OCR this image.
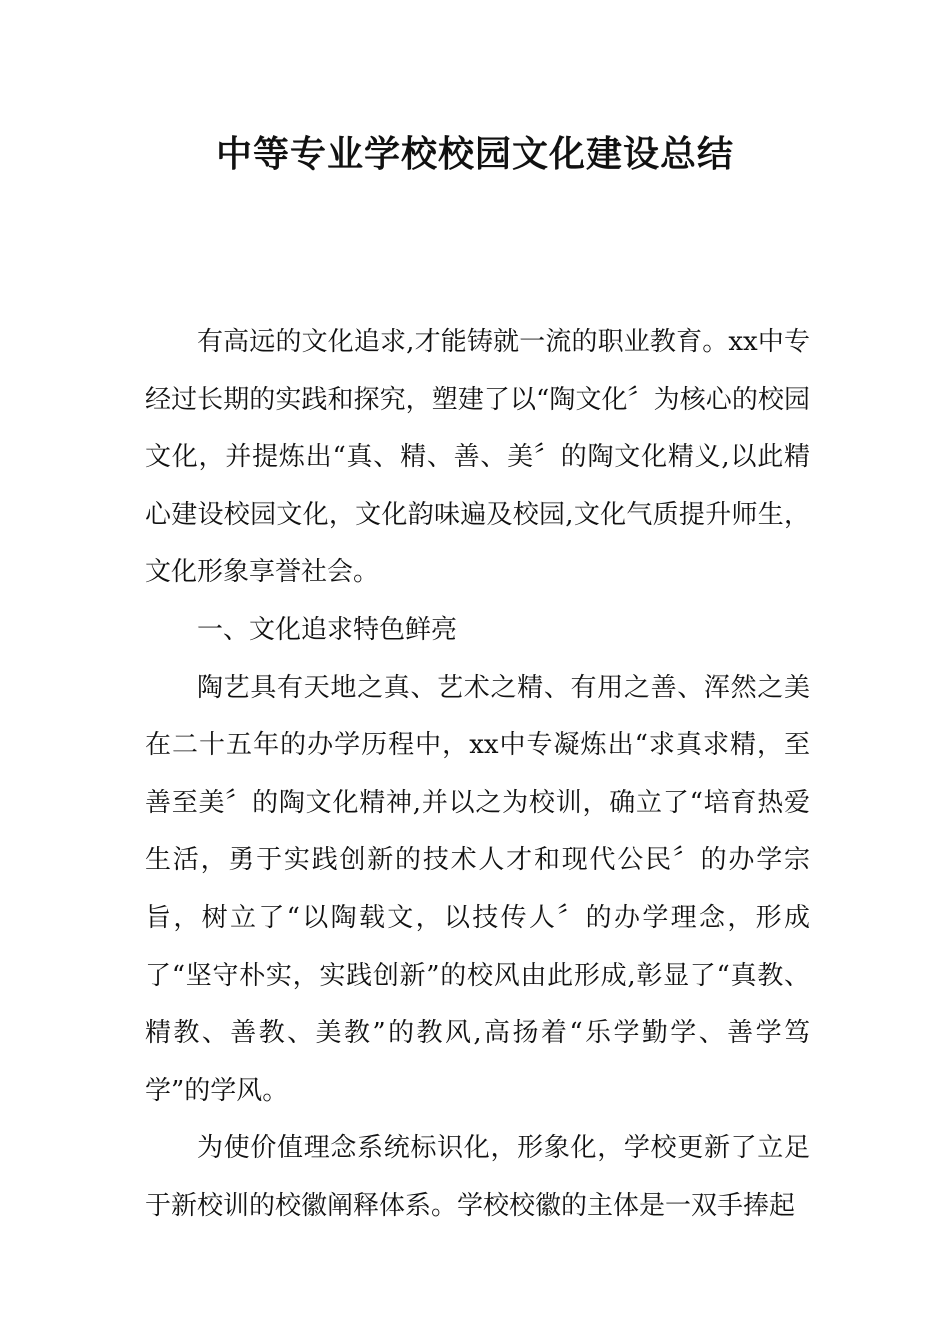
中等专业学校校园文化建设总结

有高远的文化追求,才能铸就一流的职业教育。xx中专经过长期的实践和探究，塑建了以“陶文化〞为核心的校园文化，并提炼出“真、精、善、美〞的陶文化精义,以此精心建设校园文化，文化韵味遍及校园,文化气质提升师生，文化形象享誉社会。

一、文化追求特色鲜亮

陶艺具有天地之真、艺术之精、有用之善、浑然之美在二十五年的办学历程中，xx中专凝炼出“求真求精，至善至美〞的陶文化精神,并以之为校训，确立了“培育热爱生活，勇于实践创新的技术人才和现代公民〞的办学宗旨，树立了“以陶载文，以技传人〞的办学理念，形成了“坚守朴实，实践创新”的校风由此形成,彰显了“真教、精教、善教、美教”的教风,高扬着“乐学勤学、善学笃学”的学风。

为使价值理念系统标识化，形象化，学校更新了立足于新校训的校徽阐释体系。学校校徽的主体是一双手捧起
